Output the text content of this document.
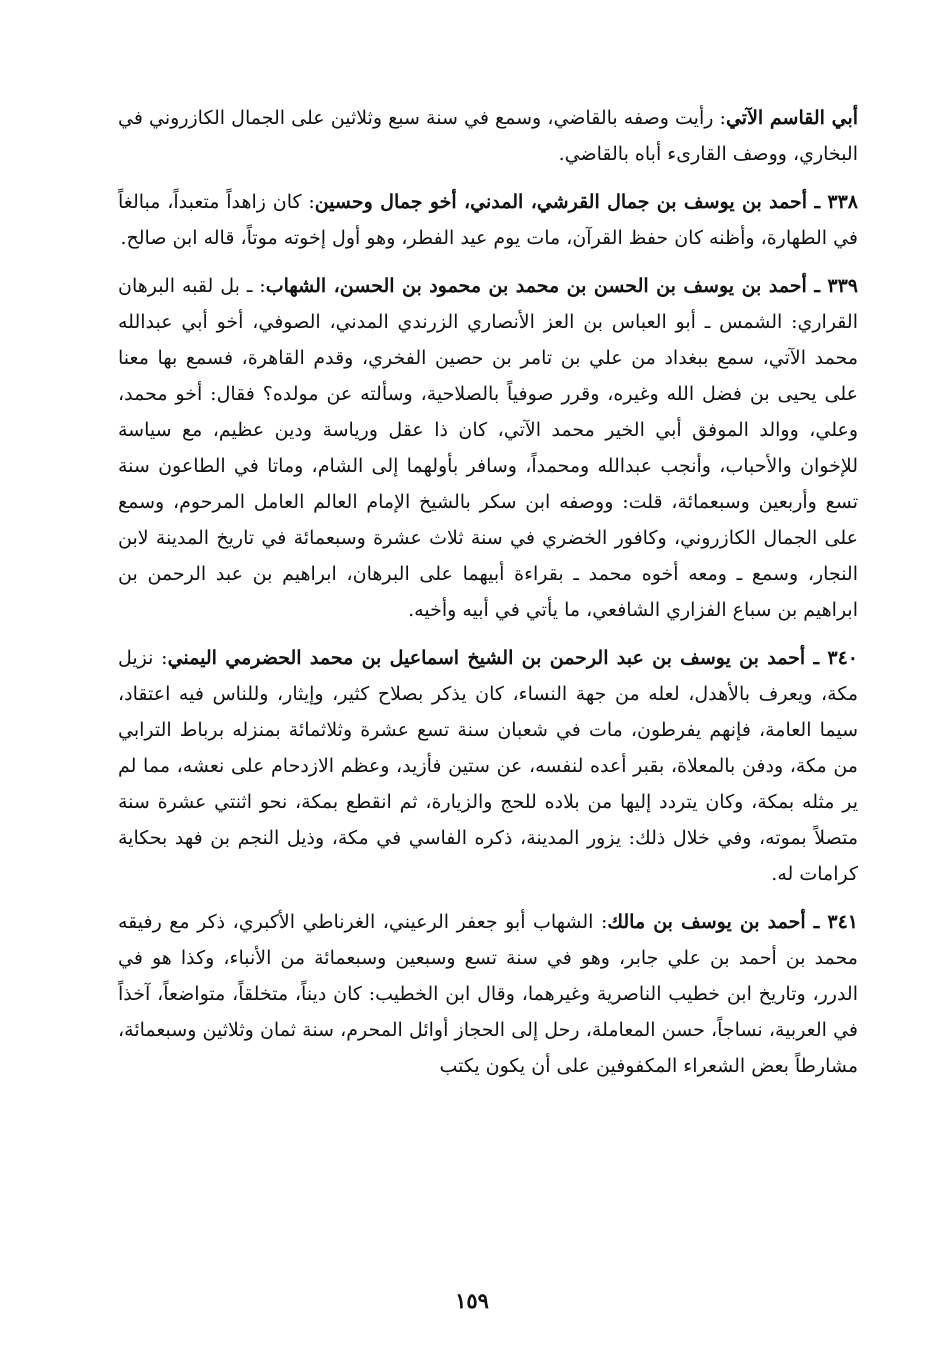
أبي القاسم الآتي: رأيت وصفه بالقاضي، وسمع في سنة سبع وثلاثين على الجمال الكازروني في البخاري، ووصف القارىء أباه بالقاضي.

٣٣٨ ـ أحمد بن يوسف بن جمال القرشي، المدني، أخو جمال وحسين: كان زاهداً متعبداً، مبالغاً في الطهارة، وأظنه كان حفظ القرآن، مات يوم عيد الفطر، وهو أول إخوته موتاً، قاله ابن صالح.

٣٣٩ ـ أحمد بن يوسف بن الحسن بن محمد بن محمود بن الحسن، الشهاب: ـ بل لقبه البرهان القراري: الشمس ـ أبو العباس بن العز الأنصاري الزرندي المدني، الصوفي، أخو أبي عبدالله محمد الآتي، سمع ببغداد من علي بن تامر بن حصين الفخري، وقدم القاهرة، فسمع بها معنا على يحيى بن فضل الله وغيره، وقرر صوفياً بالصلاحية، وسألته عن مولده؟ فقال: أخو محمد، وعلي، ووالد الموفق أبي الخير محمد الآتي، كان ذا عقل ورياسة ودين عظيم، مع سياسة للإخوان والأحباب، وأنجب عبدالله ومحمداً، وسافر بأولهما إلى الشام، وماتا في الطاعون سنة تسع وأربعين وسبعمائة، قلت: ووصفه ابن سكر بالشيخ الإمام العالم العامل المرحوم، وسمع على الجمال الكازروني، وكافور الخضري في سنة ثلاث عشرة وسبعمائة في تاريخ المدينة لابن النجار، وسمع ـ ومعه أخوه محمد ـ بقراءة أبيهما على البرهان، ابراهيم بن عبد الرحمن بن ابراهيم بن سباع الفزاري الشافعي، ما يأتي في أبيه وأخيه.

٣٤٠ ـ أحمد بن يوسف بن عبد الرحمن بن الشيخ اسماعيل بن محمد الحضرمي اليمني: نزيل مكة، ويعرف بالأهدل، لعله من جهة النساء، كان يذكر بصلاح كثير، وإيثار، وللناس فيه اعتقاد، سيما العامة، فإنهم يفرطون، مات في شعبان سنة تسع عشرة وثلاثمائة بمنزله برباط الترابي من مكة، ودفن بالمعلاة، بقبر أعده لنفسه، عن ستين فأزيد، وعظم الازدحام على نعشه، مما لم ير مثله بمكة، وكان يتردد إليها من بلاده للحج والزيارة، ثم انقطع بمكة، نحو اثنتي عشرة سنة متصلاً بموته، وفي خلال ذلك: يزور المدينة، ذكره الفاسي في مكة، وذيل النجم بن فهد بحكاية كرامات له.

٣٤١ ـ أحمد بن يوسف بن مالك: الشهاب أبو جعفر الرعيني، الغرناطي الأكبري، ذكر مع رفيقه محمد بن أحمد بن علي جابر، وهو في سنة تسع وسبعين وسبعمائة من الأنباء، وكذا هو في الدرر، وتاريخ ابن خطيب الناصرية وغيرهما، وقال ابن الخطيب: كان ديناً، متخلقاً، متواضعاً، آخذاً في العربية، نساجاً، حسن المعاملة، رحل إلى الحجاز أوائل المحرم، سنة ثمان وثلاثين وسبعمائة، مشارطاً بعض الشعراء المكفوفين على أن يكون يكتب

١٥٩
